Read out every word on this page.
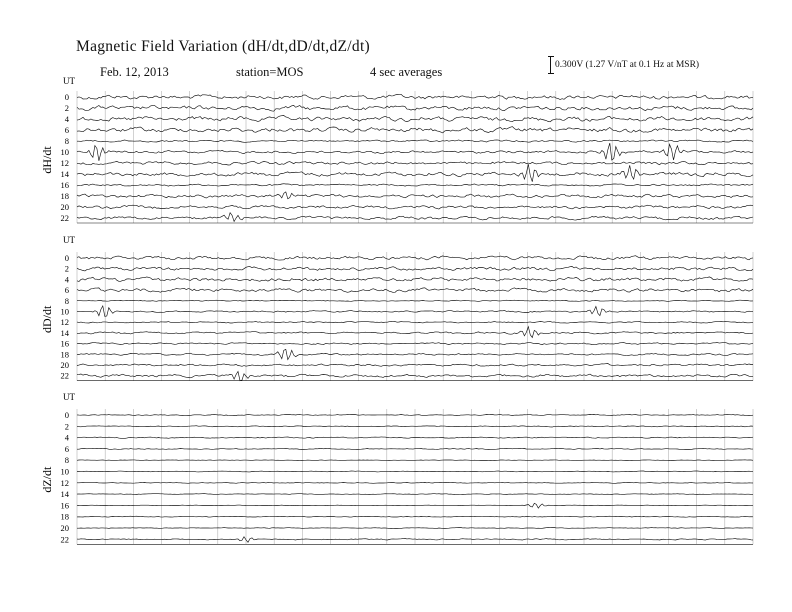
Magnetic Field Variation (dH/dt,dD/dt,dZ/dt)
Feb. 12, 2013	station=MOS	4 sec averages	0.300V (1.27 V/nT at 0.1 Hz at MSR)
UT
dH/dt
0
2
4
6
8
10
12
14
16
18
20
22
UT
dD/dt
0
2
4
6
8
10
12
14
16
18
20
22
UT
dZ/dt
0
2
4
6
8
10
12
14
16
18
20
22
